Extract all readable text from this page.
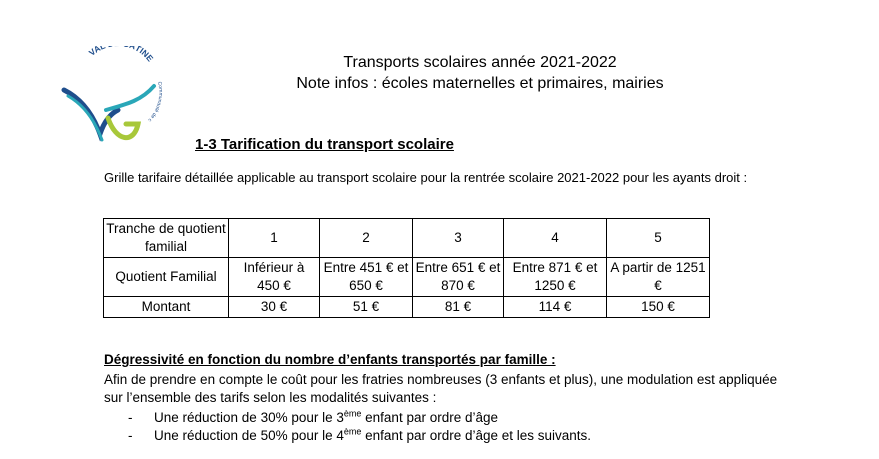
VAL TINE
Communauté de c
Transports scolaires année 2021-2022
Note infos : écoles maternelles et primaires, mairies
1-3 Tarification du transport scolaire
Grille tarifaire détaillée applicable au transport scolaire pour la rentrée scolaire 2021-2022 pour les ayants droit :
Tranche de quotient familial	1	2	3	4	5
Quotient Familial	Inférieur à 450 €	Entre 451 € et 650 €	Entre 651 € et 870 €	Entre 871 € et 1250 €	A partir de 1251 €
Montant	30 €	51 €	81 €	114 €	150 €
Dégressivité en fonction du nombre d’enfants transportés par famille :
Afin de prendre en compte le coût pour les fratries nombreuses (3 enfants et plus), une modulation est appliquée sur l’ensemble des tarifs selon les modalités suivantes :
- Une réduction de 30% pour le 3ème enfant par ordre d’âge
- Une réduction de 50% pour le 4ème enfant par ordre d’âge et les suivants.
